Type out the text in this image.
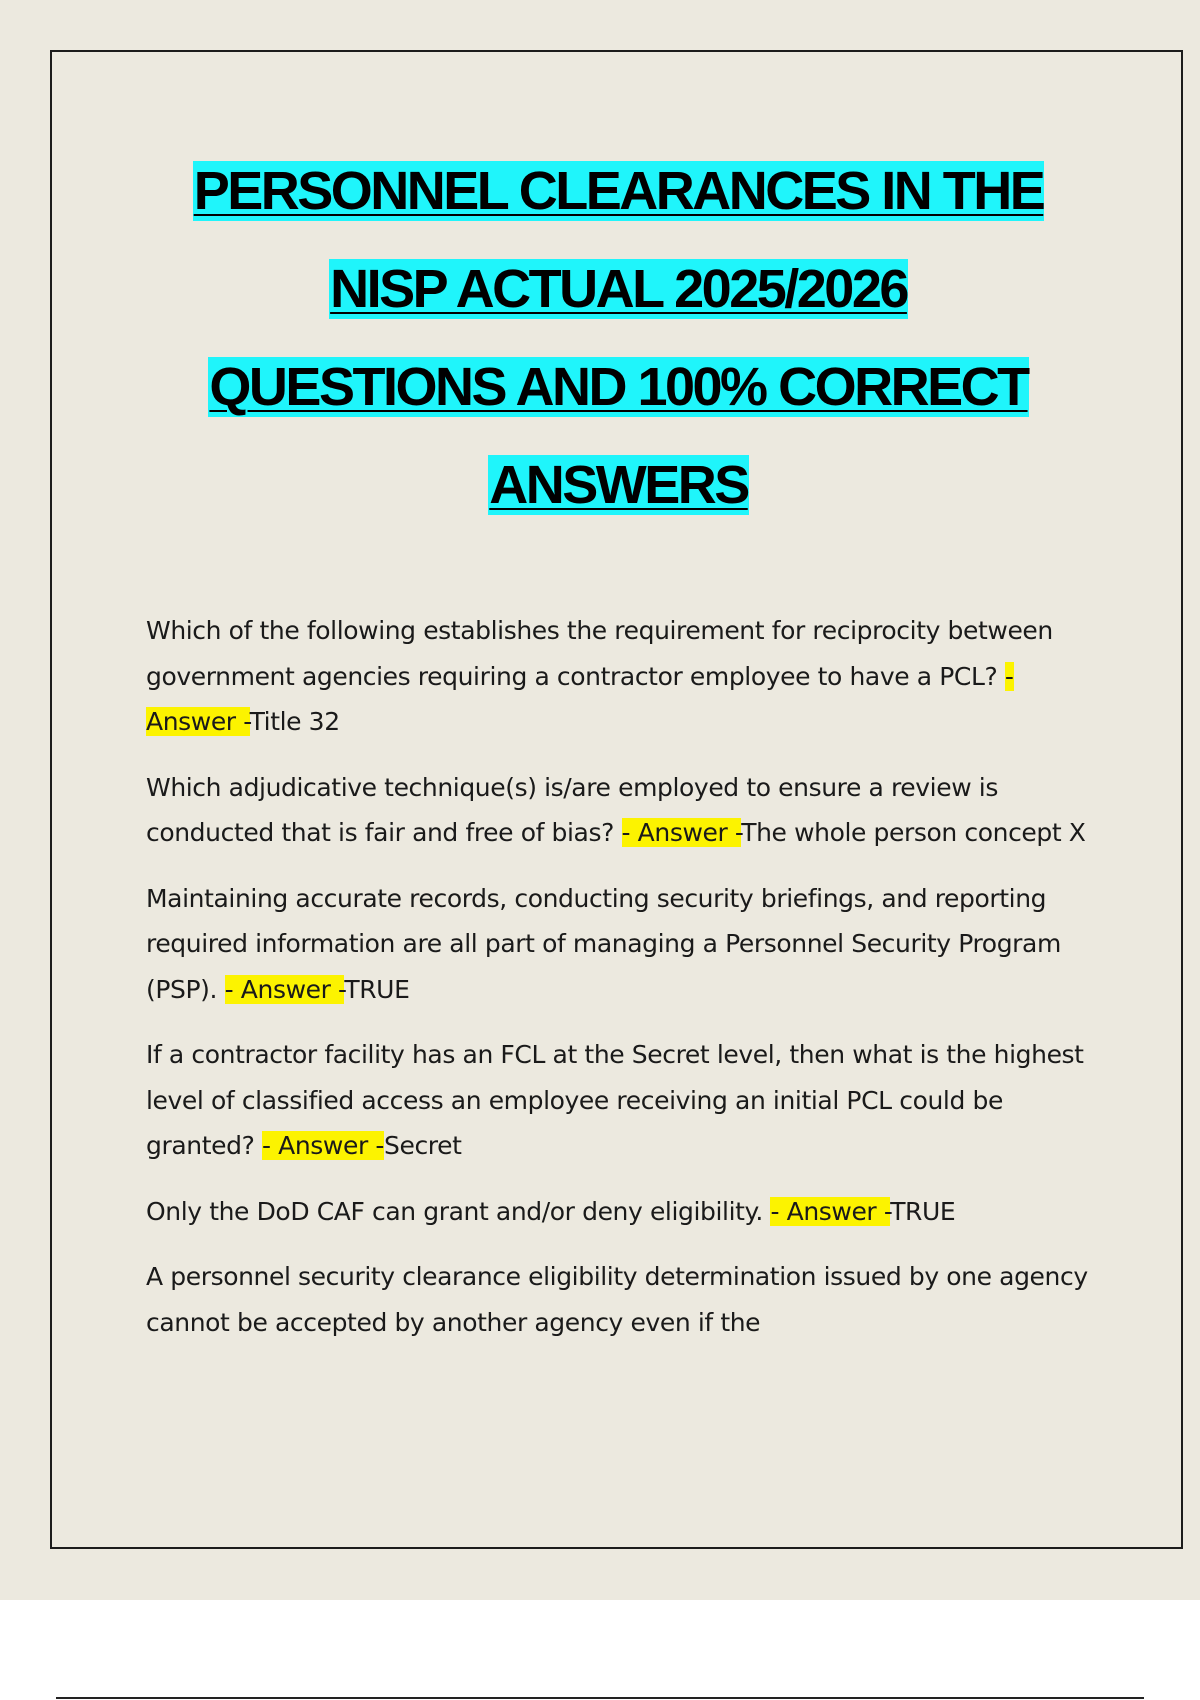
PERSONNEL CLEARANCES IN THE
NISP ACTUAL 2025/2026
QUESTIONS AND 100% CORRECT
ANSWERS

Which of the following establishes the requirement for reciprocity between government agencies requiring a contractor employee to have a PCL? - Answer -Title 32

Which adjudicative technique(s) is/are employed to ensure a review is conducted that is fair and free of bias? - Answer -The whole person concept X

Maintaining accurate records, conducting security briefings, and reporting required information are all part of managing a Personnel Security Program (PSP). - Answer -TRUE

If a contractor facility has an FCL at the Secret level, then what is the highest level of classified access an employee receiving an initial PCL could be granted? - Answer -Secret

Only the DoD CAF can grant and/or deny eligibility. - Answer -TRUE

A personnel security clearance eligibility determination issued by one agency cannot be accepted by another agency even if the
